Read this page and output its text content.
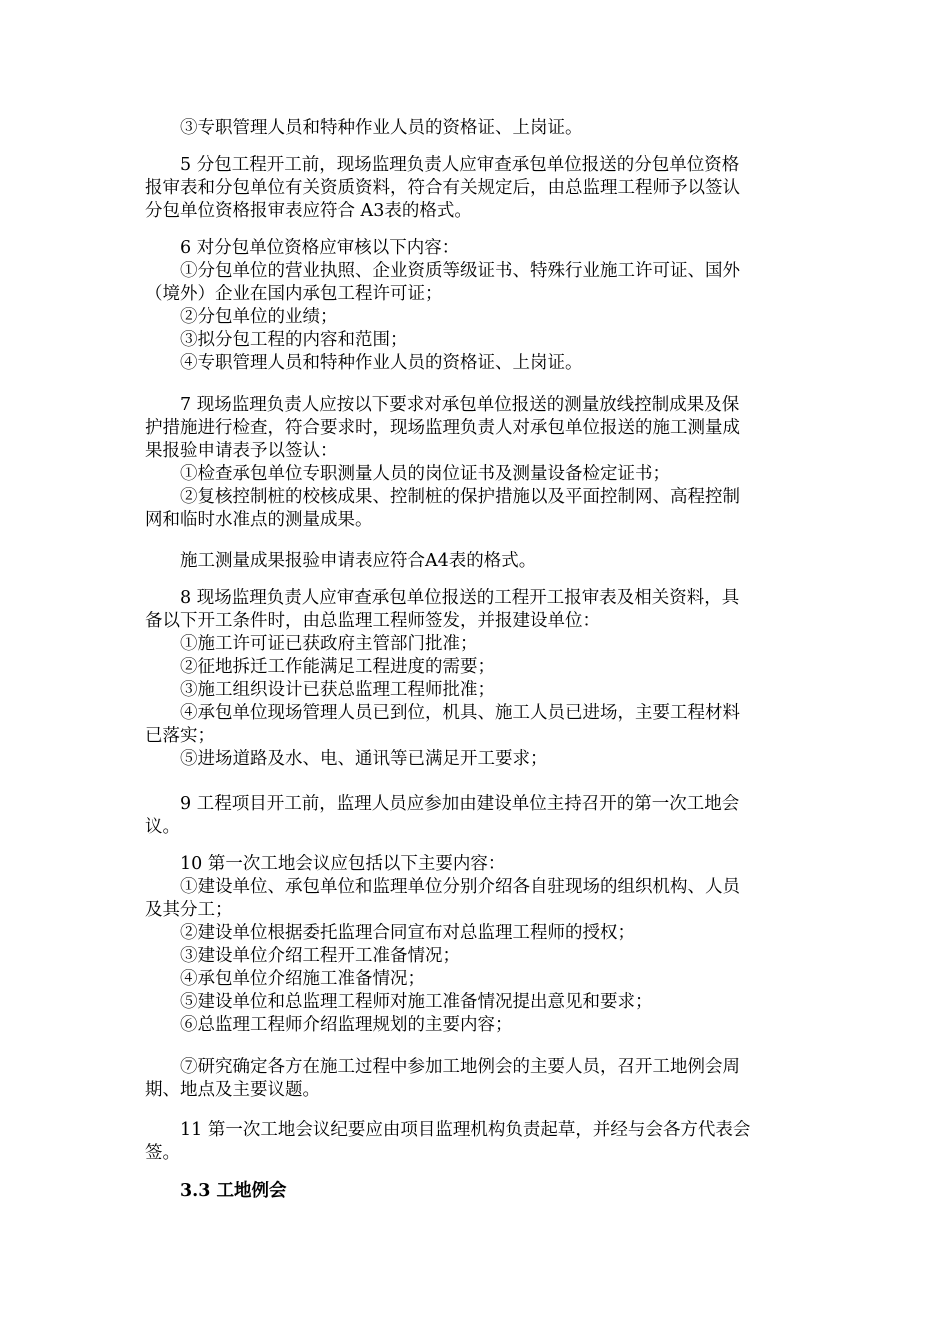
③专职管理人员和特种作业人员的资格证、上岗证。

5 分包工程开工前，现场监理负责人应审查承包单位报送的分包单位资格
报审表和分包单位有关资质资料，符合有关规定后，由总监理工程师予以签认
分包单位资格报审表应符合 A3表的格式。

6 对分包单位资格应审核以下内容：
①分包单位的营业执照、企业资质等级证书、特殊行业施工许可证、国外
（境外）企业在国内承包工程许可证；
②分包单位的业绩；
③拟分包工程的内容和范围；
④专职管理人员和特种作业人员的资格证、上岗证。

7 现场监理负责人应按以下要求对承包单位报送的测量放线控制成果及保
护措施进行检查，符合要求时，现场监理负责人对承包单位报送的施工测量成
果报验申请表予以签认：
①检查承包单位专职测量人员的岗位证书及测量设备检定证书；
②复核控制桩的校核成果、控制桩的保护措施以及平面控制网、高程控制
网和临时水准点的测量成果。

施工测量成果报验申请表应符合A4表的格式。

8 现场监理负责人应审查承包单位报送的工程开工报审表及相关资料，具
备以下开工条件时，由总监理工程师签发，并报建设单位：
①施工许可证已获政府主管部门批准；
②征地拆迁工作能满足工程进度的需要；
③施工组织设计已获总监理工程师批准；
④承包单位现场管理人员已到位，机具、施工人员已进场，主要工程材料
已落实；
⑤进场道路及水、电、通讯等已满足开工要求；

9 工程项目开工前，监理人员应参加由建设单位主持召开的第一次工地会
议。

10 第一次工地会议应包括以下主要内容：
①建设单位、承包单位和监理单位分别介绍各自驻现场的组织机构、人员
及其分工；
②建设单位根据委托监理合同宣布对总监理工程师的授权；
③建设单位介绍工程开工准备情况；
④承包单位介绍施工准备情况；
⑤建设单位和总监理工程师对施工准备情况提出意见和要求；
⑥总监理工程师介绍监理规划的主要内容；

⑦研究确定各方在施工过程中参加工地例会的主要人员，召开工地例会周
期、地点及主要议题。

11 第一次工地会议纪要应由项目监理机构负责起草，并经与会各方代表会
签。

3.3 工地例会
